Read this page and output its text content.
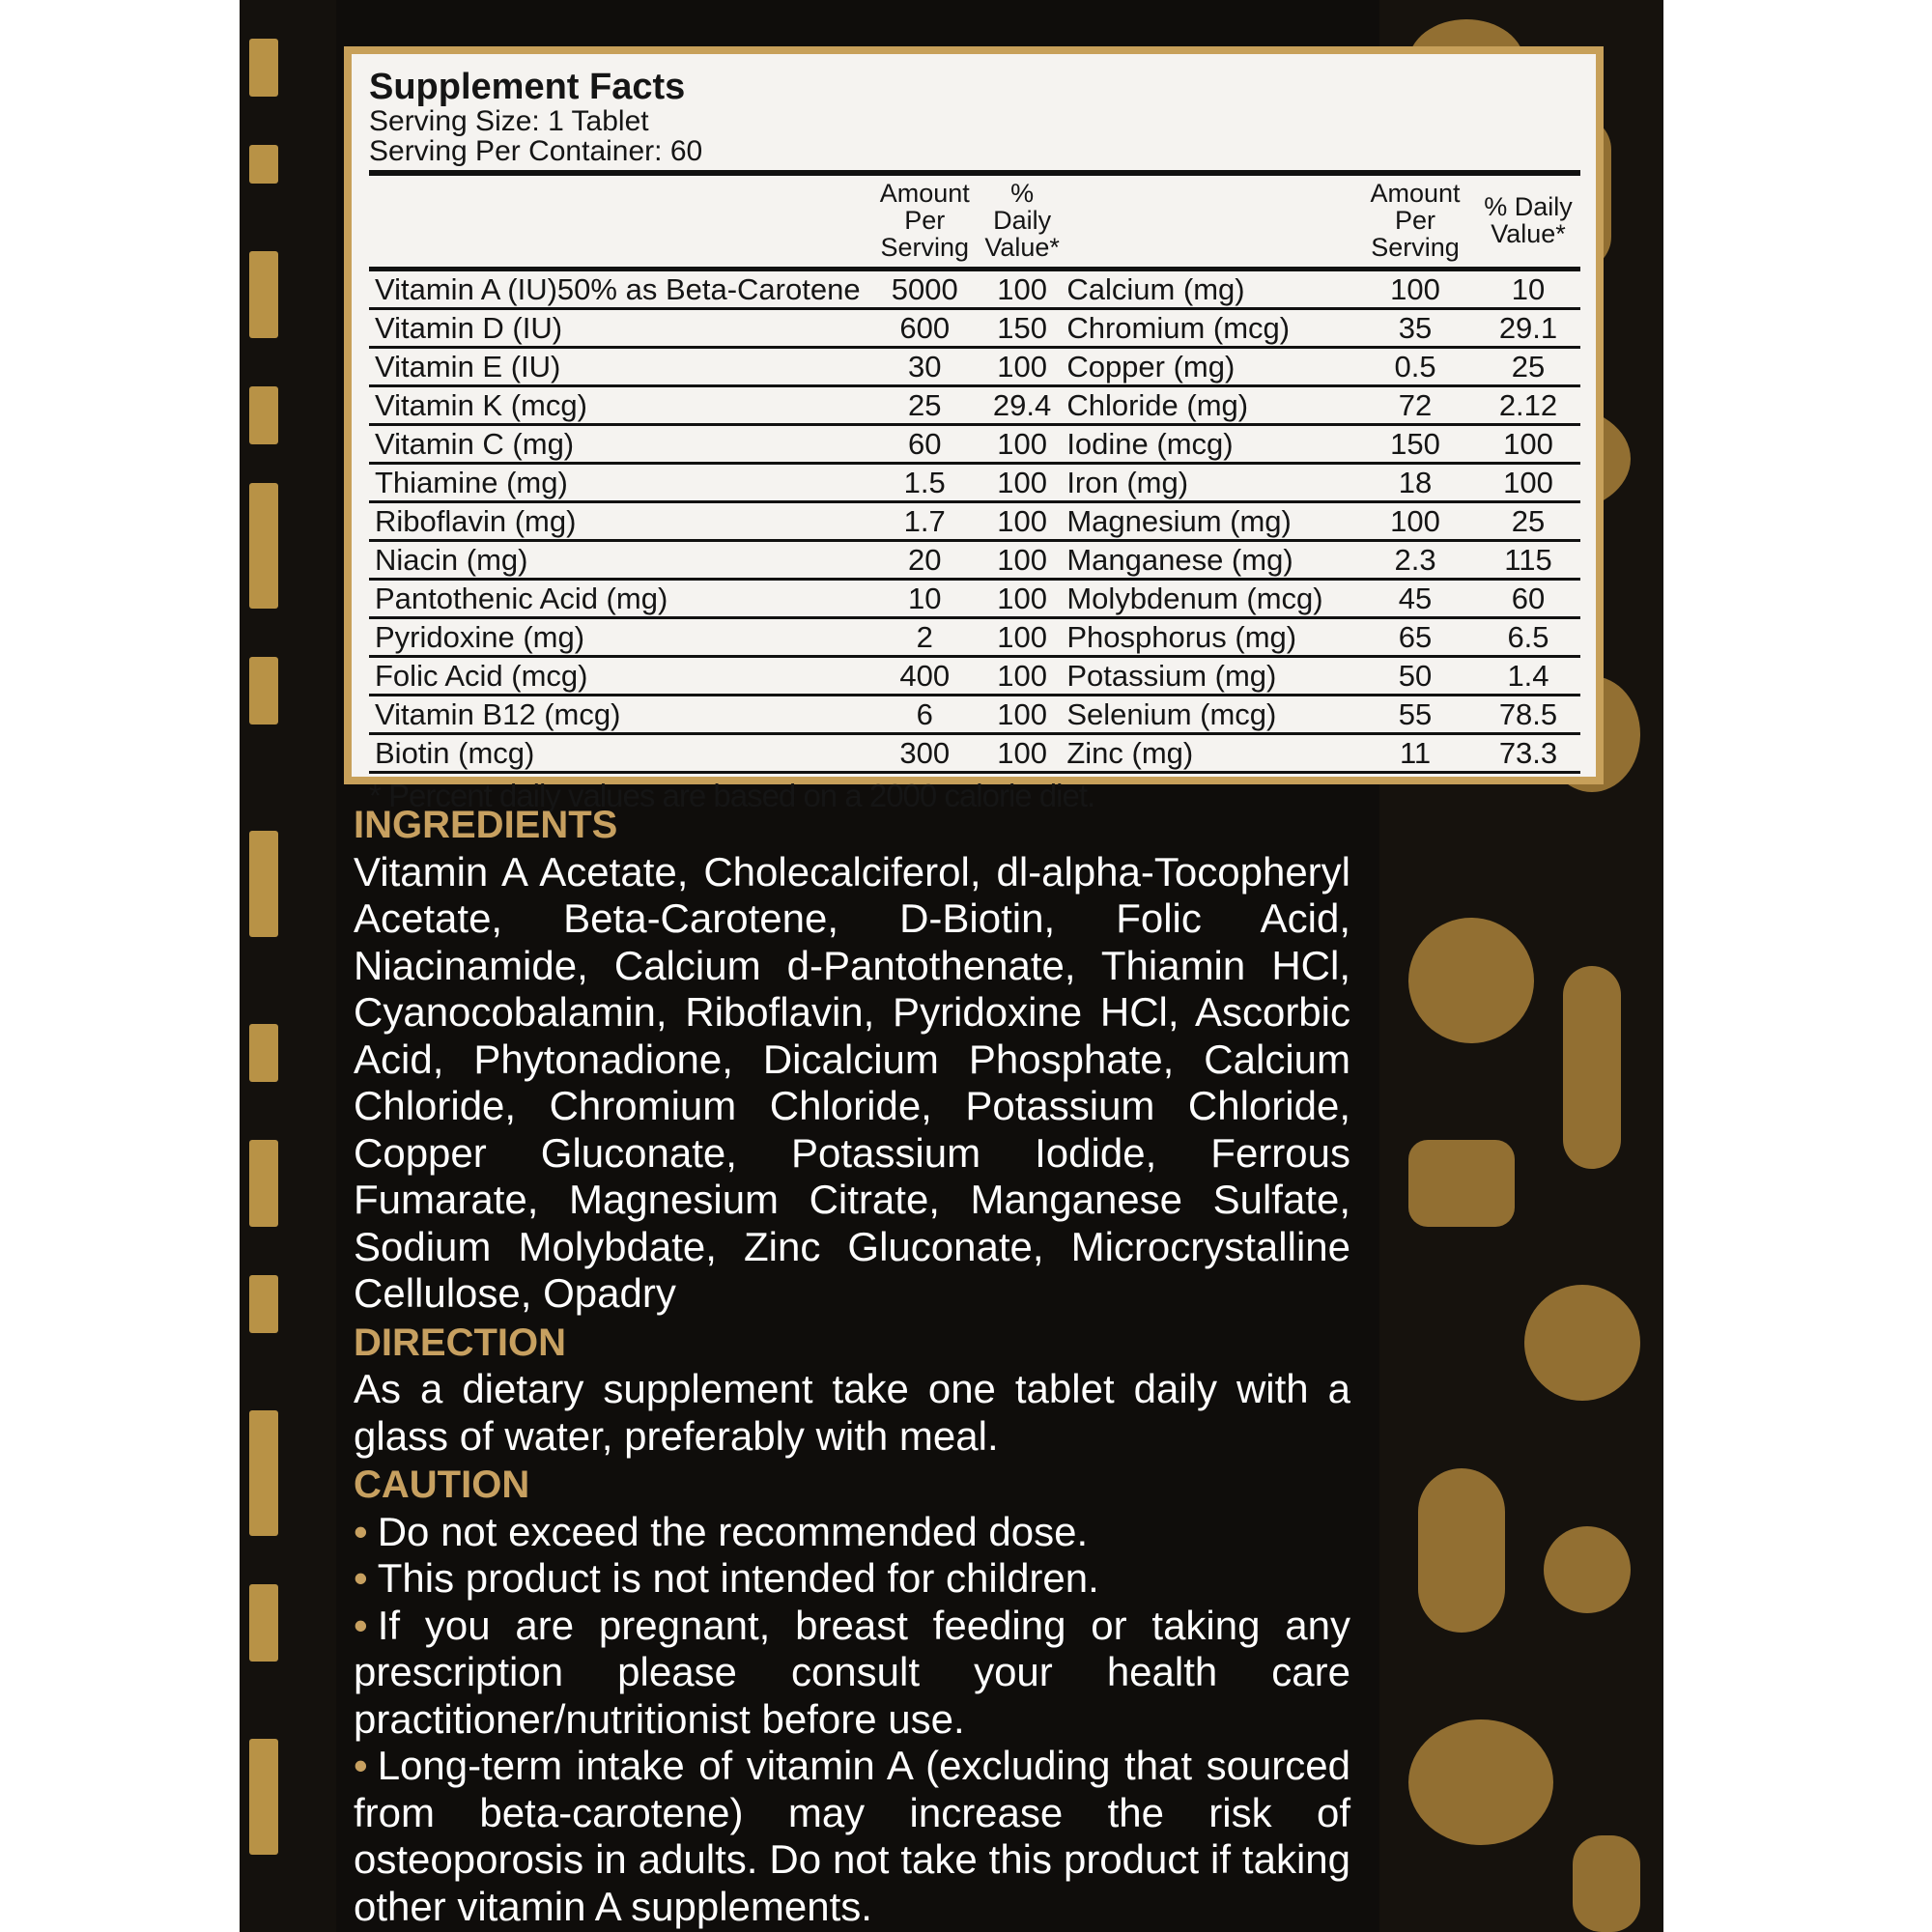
Supplement Facts
Serving Size: 1 Tablet
Serving Per Container: 60
	Amount Per Serving	% Daily Value*		Amount Per Serving	% Daily Value*
Vitamin A (IU)50% as Beta-Carotene	5000	100	Calcium (mg)	100	10
Vitamin D (IU)	600	150	Chromium (mcg)	35	29.1
Vitamin E (IU)	30	100	Copper (mg)	0.5	25
Vitamin K (mcg)	25	29.4	Chloride (mg)	72	2.12
Vitamin C (mg)	60	100	Iodine (mcg)	150	100
Thiamine (mg)	1.5	100	Iron (mg)	18	100
Riboflavin (mg)	1.7	100	Magnesium (mg)	100	25
Niacin (mg)	20	100	Manganese (mg)	2.3	115
Pantothenic Acid (mg)	10	100	Molybdenum (mcg)	45	60
Pyridoxine (mg)	2	100	Phosphorus (mg)	65	6.5
Folic Acid (mcg)	400	100	Potassium (mg)	50	1.4
Vitamin B12 (mcg)	6	100	Selenium (mcg)	55	78.5
Biotin (mcg)	300	100	Zinc (mg)	11	73.3
* Percent daily values are based on a 2000 calorie diet.
INGREDIENTS
Vitamin A Acetate, Cholecalciferol, dl-alpha-Tocopheryl Acetate, Beta-Carotene, D-Biotin, Folic Acid, Niacinamide, Calcium d-Pantothenate, Thiamin HCl, Cyanocobalamin, Riboflavin, Pyridoxine HCl, Ascorbic Acid, Phytonadione, Dicalcium Phosphate, Calcium Chloride, Chromium Chloride, Potassium Chloride, Copper Gluconate, Potassium Iodide, Ferrous Fumarate, Magnesium Citrate, Manganese Sulfate, Sodium Molybdate, Zinc Gluconate, Microcrystalline Cellulose, Opadry
DIRECTION
As a dietary supplement take one tablet daily with a glass of water, preferably with meal.
CAUTION
• Do not exceed the recommended dose.
• This product is not intended for children.
• If you are pregnant, breast feeding or taking any prescription please consult your health care practitioner/nutritionist before use.
• Long-term intake of vitamin A (excluding that sourced from beta-carotene) may increase the risk of osteoporosis in adults. Do not take this product if taking other vitamin A supplements.
